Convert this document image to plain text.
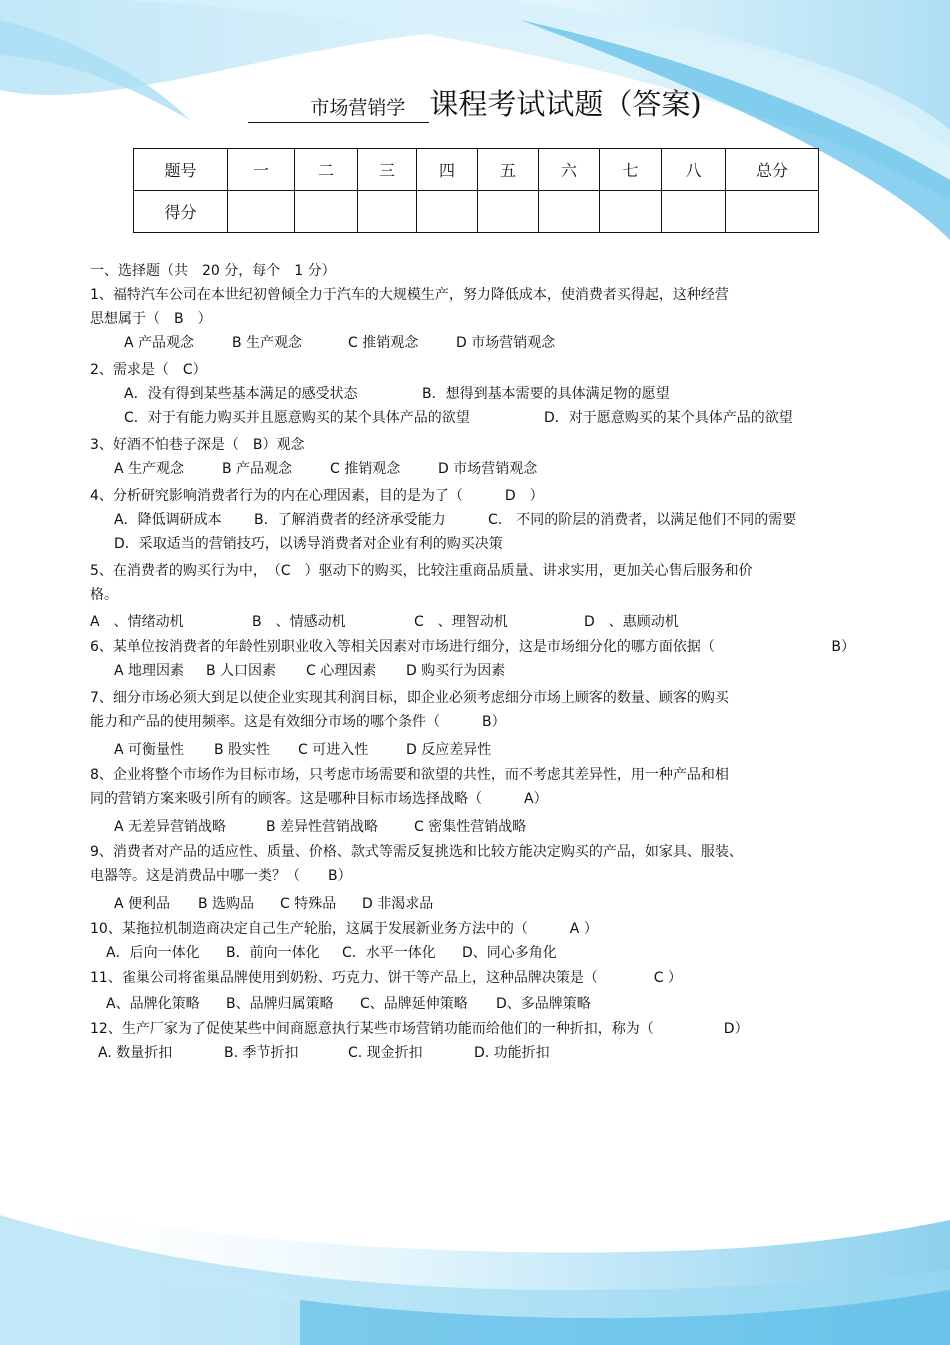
市场营销学 课程考试试题（答案)
题号	一	二	三	四	五	六	七	八	总分
得分									
一、选择题（共　20 分，每个　1 分）
1、福特汽车公司在本世纪初曾倾全力于汽车的大规模生产，努力降低成本，使消费者买得起，这种经营
思想属于（　B　）
A 产品观念	B 生产观念	C 推销观念	D 市场营销观念
2、需求是（　C）
A．没有得到某些基本满足的感受状态	B．想得到基本需要的具体满足物的愿望
C．对于有能力购买并且愿意购买的某个具体产品的欲望	D．对于愿意购买的某个具体产品的欲望
3、好酒不怕巷子深是（　B）观念
A 生产观念	B 产品观念	C 推销观念	D 市场营销观念
4、分析研究影响消费者行为的内在心理因素，目的是为了（　　　D　）
A．降低调研成本 B．了解消费者的经济承受能力	C.　不同的阶层的消费者，以满足他们不同的需要
D．采取适当的营销技巧，以诱导消费者对企业有利的购买决策
5、在消费者的购买行为中，　（C　）驱动下的购买，比较注重商品质量、讲求实用，更加关心售后服务和价
格。
A　、情绪动机	B　、情感动机	C　、理智动机	D　、惠顾动机
6、某单位按消费者的年龄性别职业收入等相关因素对市场进行细分，这是市场细分化的哪方面依据（	B）
A 地理因素 B 人口因素 C 心理因素 D 购买行为因素
7、细分市场必须大到足以使企业实现其利润目标，即企业必须考虑细分市场上顾客的数量、顾客的购买
能力和产品的使用频率。这是有效细分市场的哪个条件（　　　B）
A 可衡量性 B 股实性 C 可进入性	D 反应差异性
8、企业将整个市场作为目标市场，只考虑市场需要和欲望的共性，而不考虑其差异性，用一种产品和相
同的营销方案来吸引所有的顾客。这是哪种目标市场选择战略（　　　A）
A 无差异营销战略	B 差异性营销战略	C 密集性营销战略
9、消费者对产品的适应性、质量、价格、款式等需反复挑选和比较方能决定购买的产品，如家具、服装、
电器等。这是消费品中哪一类？（　　B）
A 便利品 B 选购品 C 特殊品 D 非渴求品
10、某拖拉机制造商决定自己生产轮胎，这属于发展新业务方法中的（　　　A ）
A．后向一体化 B．前向一体化 C．水平一体化 D、同心多角化
11、雀巢公司将雀巢品牌使用到奶粉、巧克力、饼干等产品上，这种品牌决策是（　　　　C ）
A、品牌化策略 B、品牌归属策略 C、品牌延伸策略 D、多品牌策略
12、生产厂家为了促使某些中间商愿意执行某些市场营销功能而给他们的一种折扣，称为（　　　　　D）
A. 数量折扣	B. 季节折扣	C. 现金折扣	D. 功能折扣
